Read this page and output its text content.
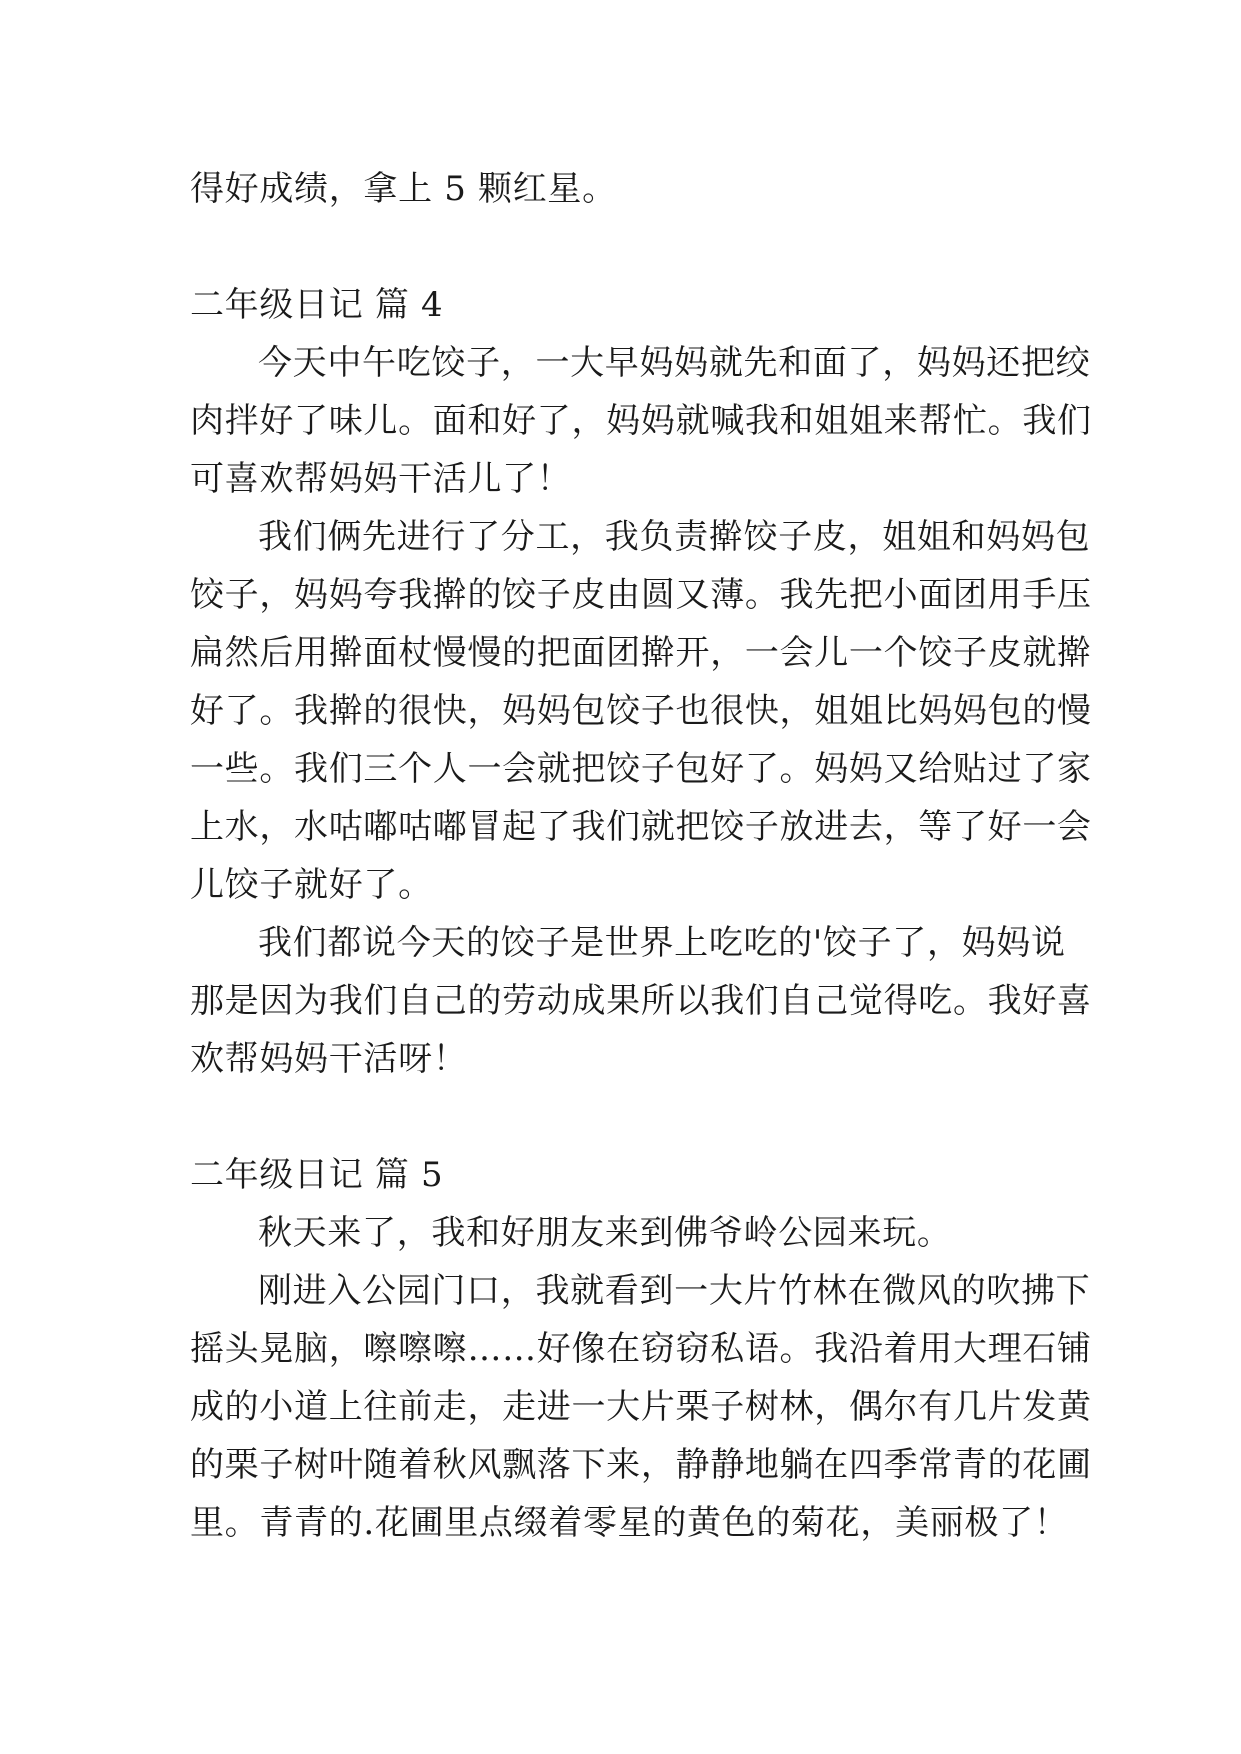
得好成绩，拿上 5 颗红星。
二年级日记 篇 4
今天中午吃饺子，一大早妈妈就先和面了，妈妈还把绞
肉拌好了味儿。面和好了，妈妈就喊我和姐姐来帮忙。我们
可喜欢帮妈妈干活儿了！
我们俩先进行了分工，我负责擀饺子皮，姐姐和妈妈包
饺子，妈妈夸我擀的饺子皮由圆又薄。我先把小面团用手压
扁然后用擀面杖慢慢的把面团擀开，一会儿一个饺子皮就擀
好了。我擀的很快，妈妈包饺子也很快，姐姐比妈妈包的慢
一些。我们三个人一会就把饺子包好了。妈妈又给贴过了家
上水，水咕嘟咕嘟冒起了我们就把饺子放进去，等了好一会
儿饺子就好了。
我们都说今天的饺子是世界上吃吃的'饺子了，妈妈说
那是因为我们自己的劳动成果所以我们自己觉得吃。我好喜
欢帮妈妈干活呀！
二年级日记 篇 5
秋天来了，我和好朋友来到佛爷岭公园来玩。
刚进入公园门口，我就看到一大片竹林在微风的吹拂下
摇头晃脑，嚓嚓嚓……好像在窃窃私语。我沿着用大理石铺
成的小道上往前走，走进一大片栗子树林，偶尔有几片发黄
的栗子树叶随着秋风飘落下来，静静地躺在四季常青的花圃
里。青青的.花圃里点缀着零星的黄色的菊花，美丽极了！
